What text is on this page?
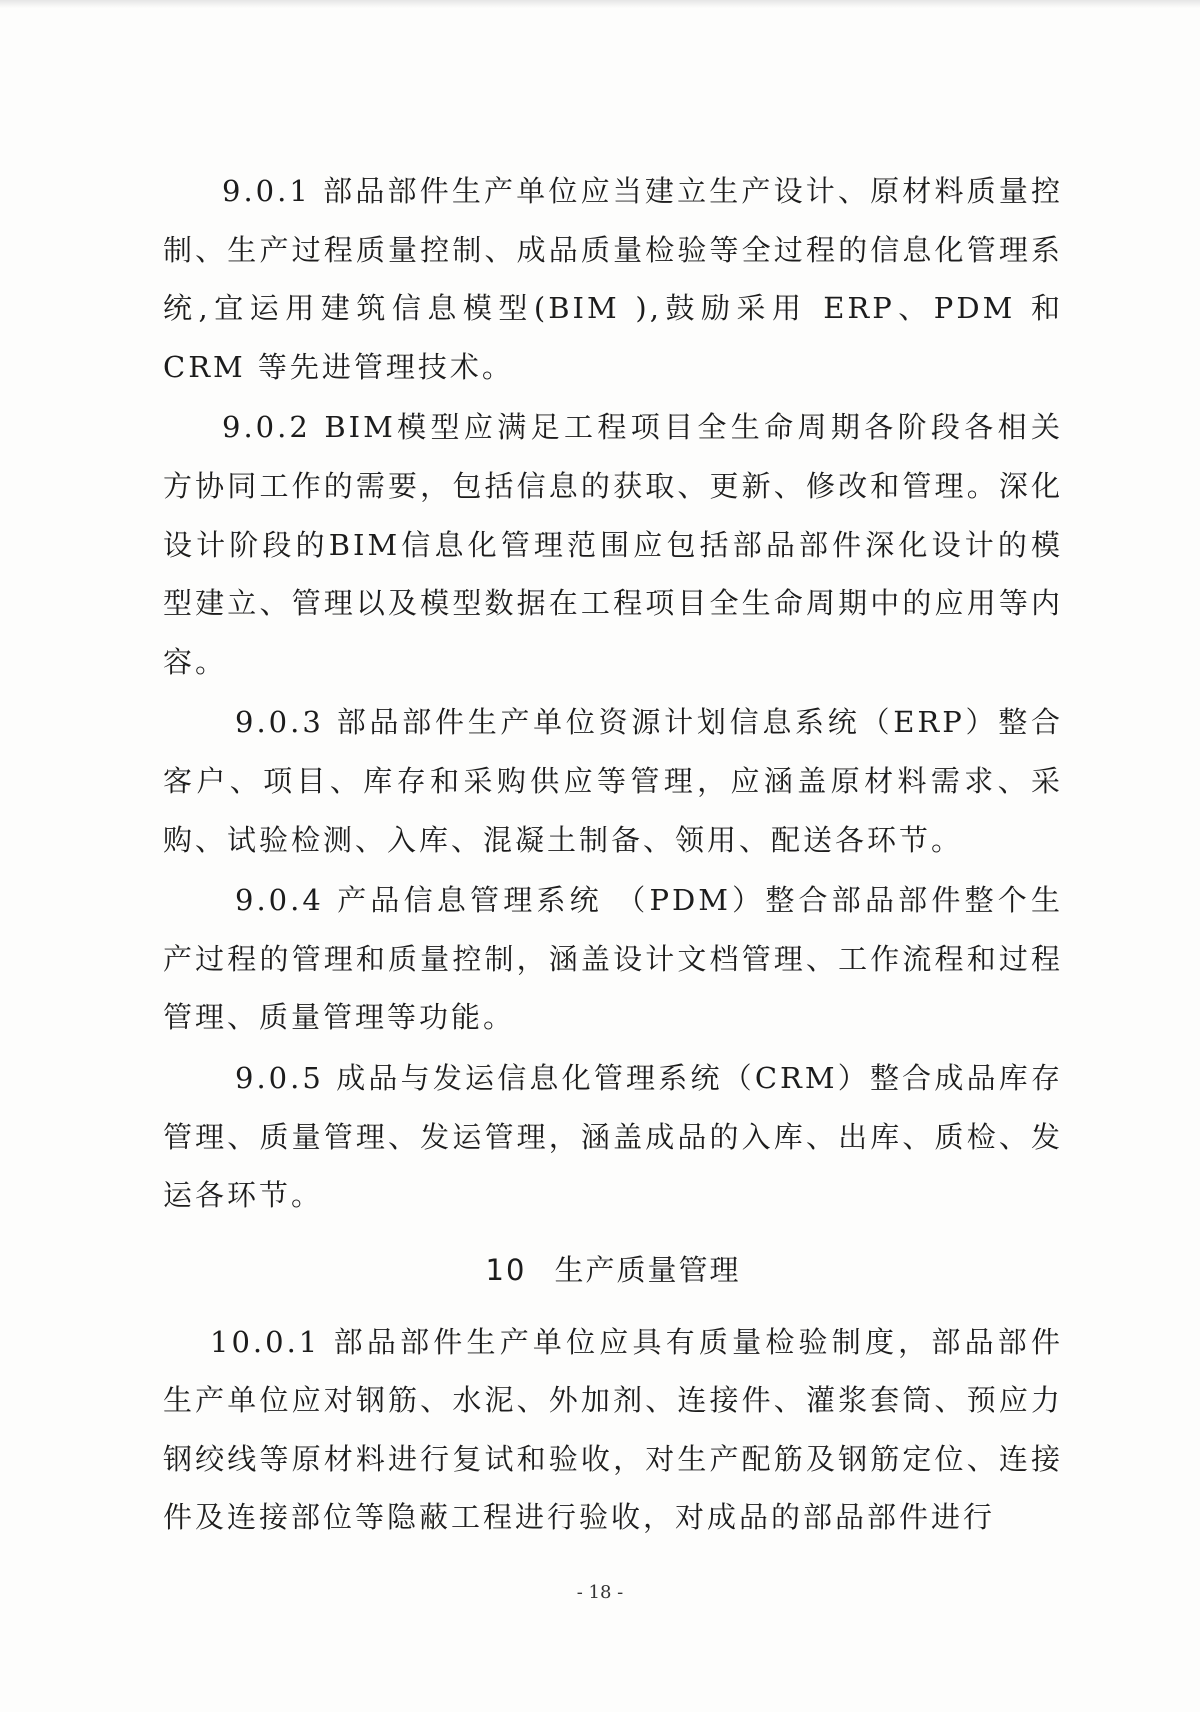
9.0.1 部品部件生产单位应当建立生产设计、原材料质量控制、生产过程质量控制、成品质量检验等全过程的信息化管理系统,宜运用建筑信息模型(BIM ),鼓励采用 ERP、PDM 和 CRM 等先进管理技术。

9.0.2 BIM模型应满足工程项目全生命周期各阶段各相关方协同工作的需要，包括信息的获取、更新、修改和管理。深化设计阶段的BIM信息化管理范围应包括部品部件深化设计的模型建立、管理以及模型数据在工程项目全生命周期中的应用等内容。

9.0.3 部品部件生产单位资源计划信息系统（ERP）整合客户、项目、库存和采购供应等管理，应涵盖原材料需求、采购、试验检测、入库、混凝土制备、领用、配送各环节。

9.0.4 产品信息管理系统 （PDM）整合部品部件整个生产过程的管理和质量控制，涵盖设计文档管理、工作流程和过程管理、质量管理等功能。

9.0.5 成品与发运信息化管理系统（CRM）整合成品库存管理、质量管理、发运管理，涵盖成品的入库、出库、质检、发运各环节。

10 生产质量管理

10.0.1 部品部件生产单位应具有质量检验制度，部品部件生产单位应对钢筋、水泥、外加剂、连接件、灌浆套筒、预应力钢绞线等原材料进行复试和验收，对生产配筋及钢筋定位、连接件及连接部位等隐蔽工程进行验收，对成品的部品部件进行

- 18 -
